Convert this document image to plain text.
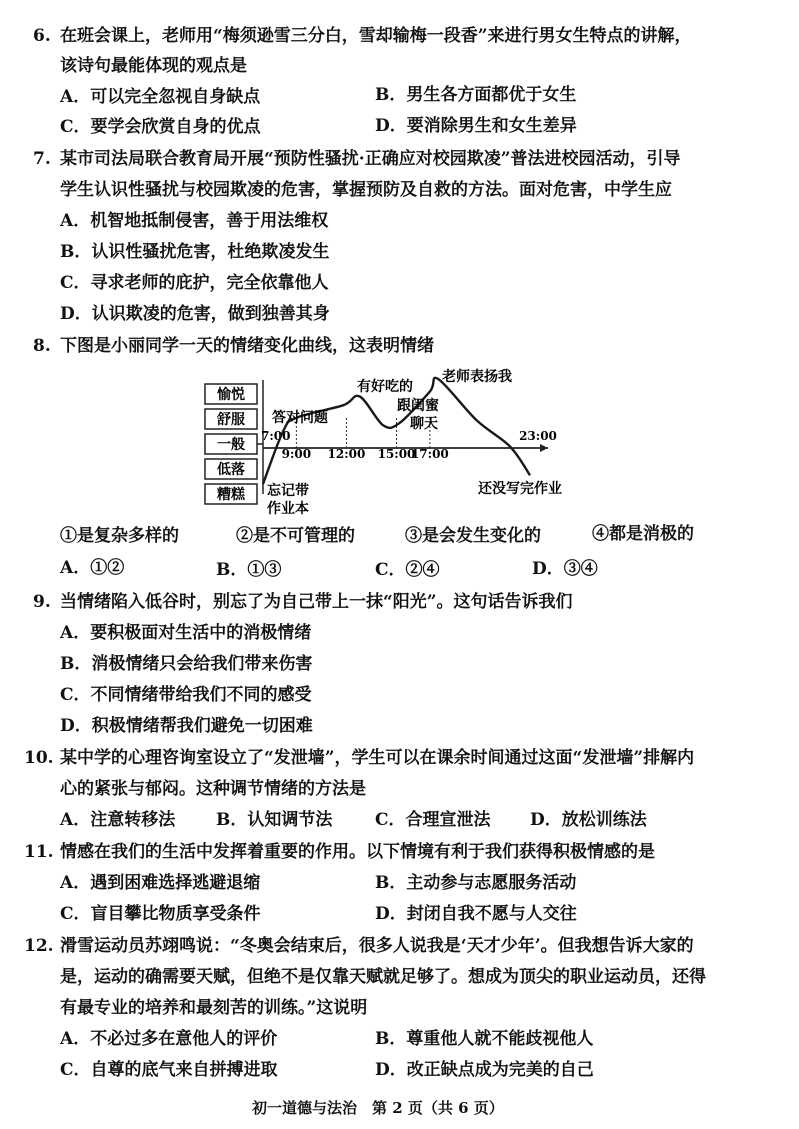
6. 在班会课上，老师用“梅须逊雪三分白，雪却输梅一段香”来进行男女生特点的讲解，
该诗句最能体现的观点是
A．可以完全忽视自身缺点	B．男生各方面都优于女生
C．要学会欣赏自身的优点	D．要消除男生和女生差异
7. 某市司法局联合教育局开展“预防性骚扰·正确应对校园欺凌”普法进校园活动，引导
学生认识性骚扰与校园欺凌的危害，掌握预防及自救的方法。面对危害，中学生应
A．机智地抵制侵害，善于用法维权
B．认识性骚扰危害，杜绝欺凌发生
C．寻求老师的庇护，完全依靠他人
D．认识欺凌的危害，做到独善其身
8. 下图是小丽同学一天的情绪变化曲线，这表明情绪
愉悦
舒服
一般
低落
糟糕
7:00
9:00 12:00 15:00
17:00
23:00
答对问题
有好吃的
跟闺蜜
聊天
老师表扬我
忘记带
作业本
还没写完作业
①是复杂多样的	②是不可管理的	③是会发生变化的	④都是消极的
A．①②	B．①③	C．②④	D．③④
9. 当情绪陷入低谷时，别忘了为自己带上一抹“阳光”。这句话告诉我们
A．要积极面对生活中的消极情绪
B．消极情绪只会给我们带来伤害
C．不同情绪带给我们不同的感受
D．积极情绪帮我们避免一切困难
10. 某中学的心理咨询室设立了“发泄墙”，学生可以在课余时间通过这面“发泄墙”排解内
心的紧张与郁闷。这种调节情绪的方法是
A．注意转移法 B．认知调节法	C．合理宣泄法 D．放松训练法
11. 情感在我们的生活中发挥着重要的作用。以下情境有利于我们获得积极情感的是
A．遇到困难选择逃避退缩	B．主动参与志愿服务活动
C．盲目攀比物质享受条件	D．封闭自我不愿与人交往
12. 滑雪运动员苏翊鸣说：“冬奥会结束后，很多人说我是‘天才少年’。但我想告诉大家的
是，运动的确需要天赋，但绝不是仅靠天赋就足够了。想成为顶尖的职业运动员，还得
有最专业的培养和最刻苦的训练。”这说明
A．不必过多在意他人的评价	B．尊重他人就不能歧视他人
C．自尊的底气来自拼搏进取	D．改正缺点成为完美的自己
初一道德与法治　第 2 页（共 6 页）
